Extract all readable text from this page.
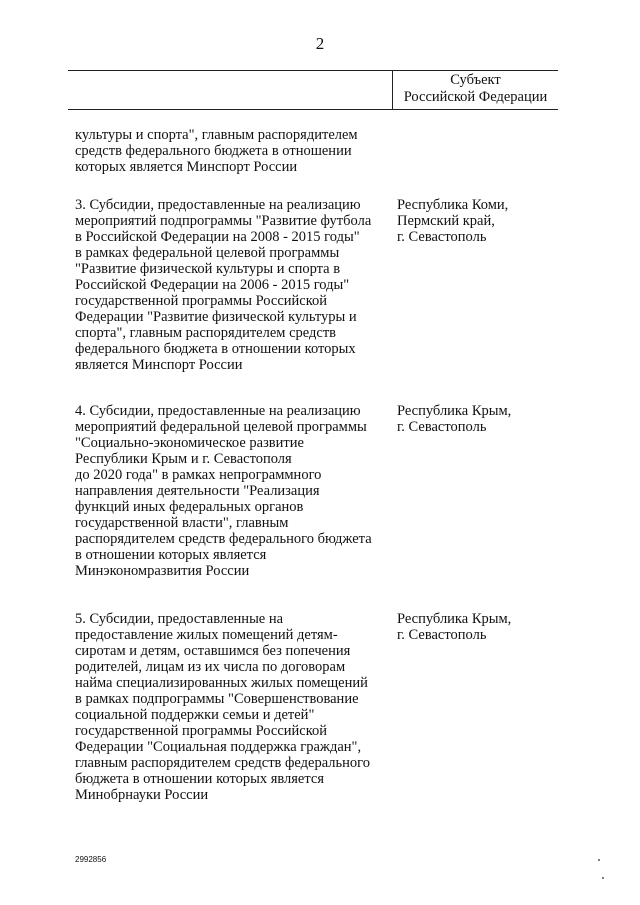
2
Субъект
Российской Федерации
культуры и спорта", главным распорядителем
средств федерального бюджета в отношении
которых является Минспорт России
3. Субсидии, предоставленные на реализацию
мероприятий подпрограммы "Развитие футбола
в Российской Федерации на 2008 - 2015 годы"
в рамках федеральной целевой программы
"Развитие физической культуры и спорта в
Российской Федерации на 2006 - 2015 годы"
государственной программы Российской
Федерации "Развитие физической культуры и
спорта", главным распорядителем средств
федерального бюджета в отношении которых
является Минспорт России
Республика Коми,
Пермский край,
г. Севастополь
4. Субсидии, предоставленные на реализацию
мероприятий федеральной целевой программы
"Социально-экономическое развитие
Республики Крым и г. Севастополя
до 2020 года" в рамках непрограммного
направления деятельности "Реализация
функций иных федеральных органов
государственной власти", главным
распорядителем средств федерального бюджета
в отношении которых является
Минэкономразвития России
Республика Крым,
г. Севастополь
5. Субсидии, предоставленные на
предоставление жилых помещений детям-
сиротам и детям, оставшимся без попечения
родителей, лицам из их числа по договорам
найма специализированных жилых помещений
в рамках подпрограммы "Совершенствование
социальной поддержки семьи и детей"
государственной программы Российской
Федерации "Социальная поддержка граждан",
главным распорядителем средств федерального
бюджета в отношении которых является
Минобрнауки России
Республика Крым,
г. Севастополь
2992856
